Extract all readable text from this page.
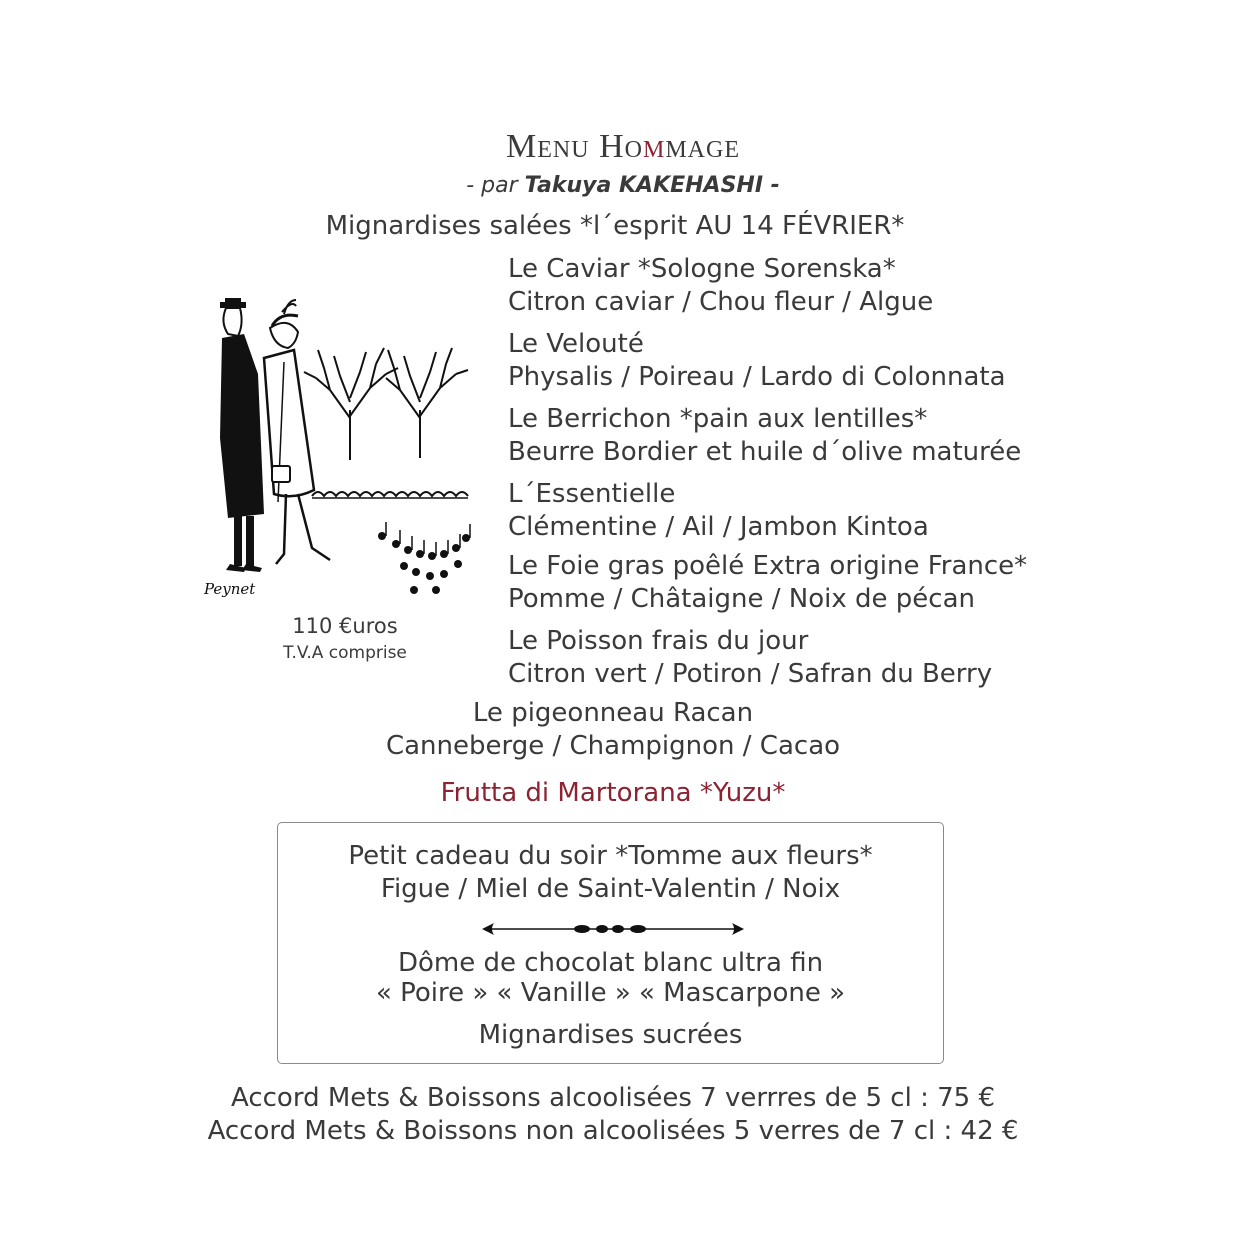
Menu Hommage
- par Takuya KAKEHASHI -
Mignardises salées *l´esprit AU 14 FÉVRIER*
Le Caviar *Sologne Sorenska*
Citron caviar / Chou fleur / Algue
Le Velouté
Physalis / Poireau / Lardo di Colonnata
Le Berrichon *pain aux lentilles*
Beurre Bordier et huile d´olive maturée
L´Essentielle
Clémentine / Ail / Jambon Kintoa
Le Foie gras poêlé Extra origine France*
Pomme / Châtaigne / Noix de pécan
Le Poisson frais du jour
Citron vert / Potiron / Safran du Berry
Peynet
110 €uros
T.V.A comprise
Le pigeonneau Racan
Canneberge / Champignon / Cacao
Frutta di Martorana *Yuzu*
Petit cadeau du soir *Tomme aux fleurs*
Figue / Miel de Saint-Valentin / Noix
Dôme de chocolat blanc ultra fin
« Poire » « Vanille » « Mascarpone »
Mignardises sucrées
Accord Mets & Boissons alcoolisées 7 verrres de 5 cl : 75 €
Accord Mets & Boissons non alcoolisées 5 verres de 7 cl : 42 €
